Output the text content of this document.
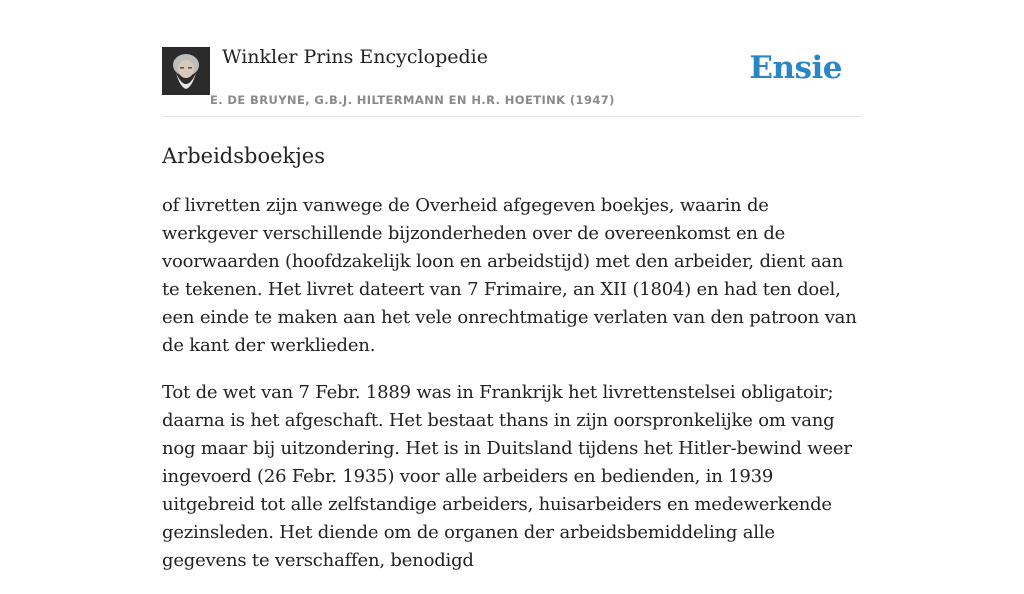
Winkler Prins Encyclopedie
E. DE BRUYNE, G.B.J. HILTERMANN EN H.R. HOETINK (1947)
Ensie
Arbeidsboekjes

of livretten zijn vanwege de Overheid afgegeven boekjes, waarin de werkgever verschillende bijzonderheden over de overeenkomst en de voorwaarden (hoofdzakelijk loon en arbeidstijd) met den arbeider, dient aan te tekenen. Het livret dateert van 7 Frimaire, an XII (1804) en had ten doel, een einde te maken aan het vele onrechtmatige verlaten van den patroon van de kant der werklieden.

Tot de wet van 7 Febr. 1889 was in Frankrijk het livrettenstelsei obligatoir; daarna is het afgeschaft. Het bestaat thans in zijn oorspronkelijke om vang nog maar bij uitzondering. Het is in Duitsland tijdens het Hitler-bewind weer ingevoerd (26 Febr. 1935) voor alle arbeiders en bedienden, in 1939 uitgebreid tot alle zelfstandige arbeiders, huisarbeiders en medewerkende gezinsleden. Het diende om de organen der arbeidsbemiddeling alle gegevens te verschaffen, benodigd
